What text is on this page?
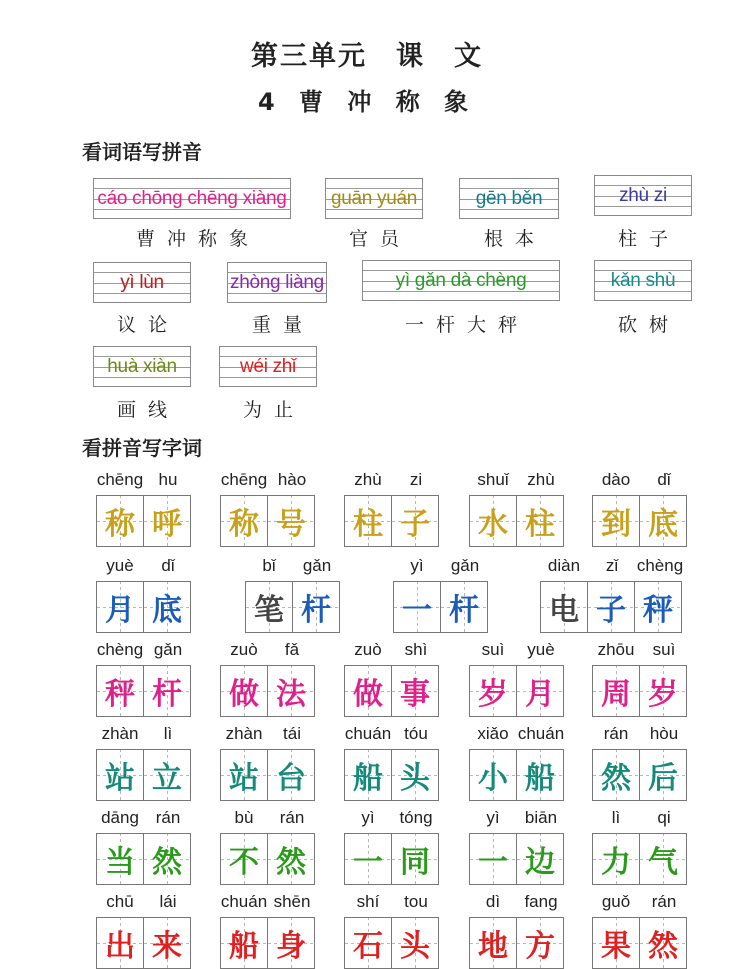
第三单元　课　文
4 曹 冲 称 象
看词语写拼音
cáo chōng chēng xiàng
曹冲称象
guān yuán
官员
gēn běn
根本
zhù zi
柱子
yì lùn
议论
zhòng liàng
重量
yì gǎn dà chèng
一杆大秤
kǎn shù
砍树
huà xiàn
画线
wéi zhǐ
为止
看拼音写字词
chēng hu
称 呼
chēng hào
称 号
zhù	zi
柱 子
shuǐ	zhù
水 柱
dào	dǐ
到 底
yuè	dǐ
月 底
bǐ	gǎn
笔 杆
yì	gǎn
一 杆
diàn	zǐ	chèng
电 子 秤
chèng gǎn
秤 杆
zuò	fǎ
做 法
zuò	shì
做 事
suì	yuè
岁 月
zhōu	suì
周 岁
zhàn	lì
站 立
zhàn	tái
站 台
chuán tóu
船 头
xiǎo chuán
小 船
rán	hòu
然 后
dāng rán
当 然
bù	rán
不 然
yì	tóng
一 同
yì	biān
一 边
lì	qi
力 气
chū	lái
出 来
chuán shēn
船 身
shí	tou
石 头
dì	fang
地 方
guǒ	rán
果 然
